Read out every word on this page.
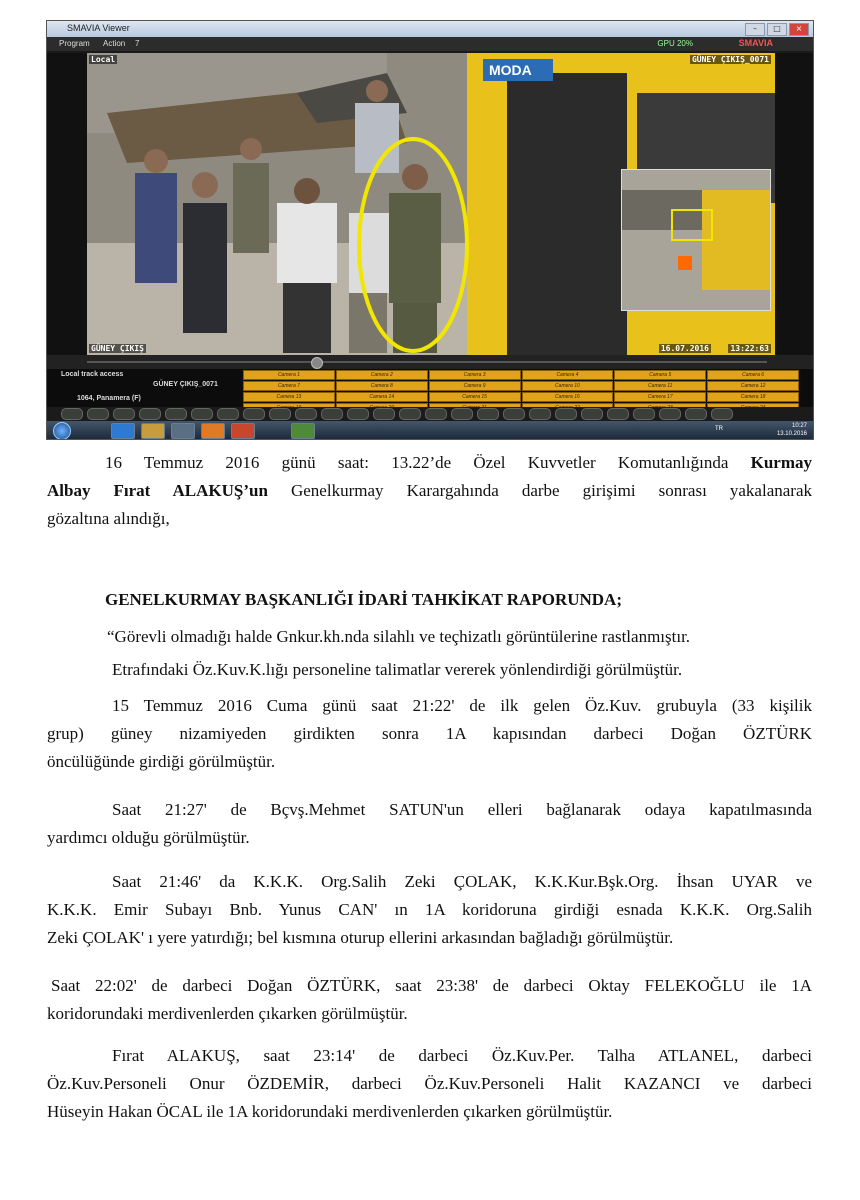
SMAVIA Viewer	–	□	×
Program Action 7	GPU 20%	SMAVIA
MODA
Local	GÜNEY ÇIKIŞ_0071
GÜNEY ÇIKIŞ	16.07.2016	13:22:63
Local track access
GÜNEY ÇIKIŞ_0071
1064, Panamera (F)
Camera 1	Camera 2	Camera 3	Camera 4	Camera 5	Camera 6
Camera 7	Camera 8	Camera 9	Camera 10	Camera 11	Camera 12
Camera 13	Camera 14	Camera 15	Camera 16	Camera 17	Camera 18
TR	10:27
13.10.2016
16 Temmuz 2016 günü saat: 13.22’de Özel Kuvvetler Komutanlığında Kurmay
Albay Fırat ALAKUŞ’un Genelkurmay Karargahında darbe girişimi sonrası yakalanarak
gözaltına alındığı,
GENELKURMAY BAŞKANLIĞI İDARİ TAHKİKAT RAPORUNDA;
“Görevli olmadığı halde Gnkur.kh.nda silahlı ve teçhizatlı görüntülerine rastlanmıştır.
Etrafındaki Öz.Kuv.K.lığı personeline talimatlar vererek yönlendirdiği görülmüştür.
15 Temmuz 2016 Cuma günü saat 21:22' de ilk gelen Öz.Kuv. grubuyla (33 kişilik
grup) güney nizamiyeden girdikten sonra 1A kapısından darbeci Doğan ÖZTÜRK
öncülüğünde girdiği görülmüştür.
Saat 21:27' de Bçvş.Mehmet SATUN'un elleri bağlanarak odaya kapatılmasında
yardımcı olduğu görülmüştür.
Saat 21:46' da K.K.K. Org.Salih Zeki ÇOLAK, K.K.Kur.Bşk.Org. İhsan UYAR ve
K.K.K. Emir Subayı Bnb. Yunus CAN' ın 1A koridoruna girdiği esnada K.K.K. Org.Salih
Zeki ÇOLAK' ı yere yatırdığı; bel kısmına oturup ellerini arkasından bağladığı görülmüştür.
Saat 22:02' de darbeci Doğan ÖZTÜRK, saat 23:38' de darbeci Oktay FELEKOĞLU ile 1A
koridorundaki merdivenlerden çıkarken görülmüştür.
Fırat ALAKUŞ, saat 23:14' de darbeci Öz.Kuv.Per. Talha ATLANEL, darbeci
Öz.Kuv.Personeli Onur ÖZDEMİR, darbeci Öz.Kuv.Personeli Halit KAZANCI ve darbeci
Hüseyin Hakan ÖCAL ile 1A koridorundaki merdivenlerden çıkarken görülmüştür.
